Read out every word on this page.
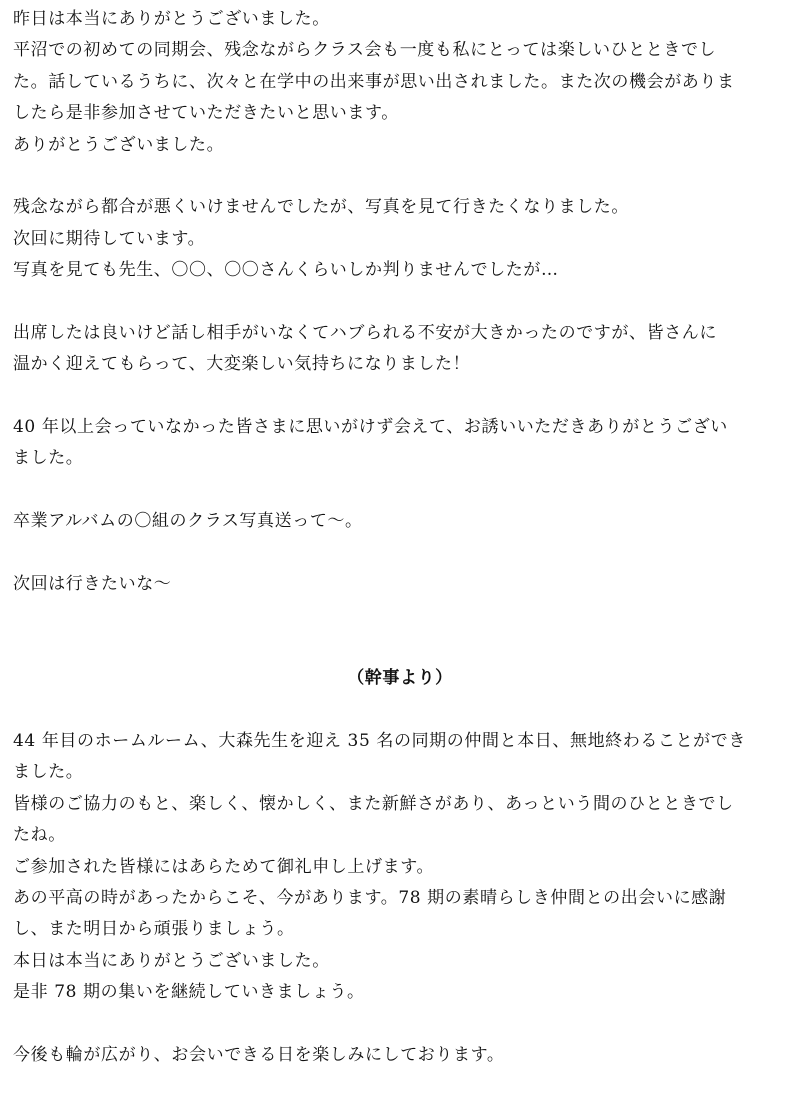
昨日は本当にありがとうございました。
平沼での初めての同期会、残念ながらクラス会も一度も私にとっては楽しいひとときでし
た。話しているうちに、次々と在学中の出来事が思い出されました。また次の機会がありま
したら是非参加させていただきたいと思います。
ありがとうございました。
残念ながら都合が悪くいけませんでしたが、写真を見て行きたくなりました。
次回に期待しています。
写真を見ても先生、〇〇、〇〇さんくらいしか判りませんでしたが…
出席したは良いけど話し相手がいなくてハブられる不安が大きかったのですが、皆さんに
温かく迎えてもらって、大変楽しい気持ちになりました！
40 年以上会っていなかった皆さまに思いがけず会えて、お誘いいただきありがとうござい
ました。
卒業アルバムの〇組のクラス写真送って〜。
次回は行きたいな〜
（幹事より）
44 年目のホームルーム、大森先生を迎え 35 名の同期の仲間と本日、無地終わることができ
ました。
皆様のご協力のもと、楽しく、懐かしく、また新鮮さがあり、あっという間のひとときでし
たね。
ご参加された皆様にはあらためて御礼申し上げます。
あの平高の時があったからこそ、今があります。78 期の素晴らしき仲間との出会いに感謝
し、また明日から頑張りましょう。
本日は本当にありがとうございました。
是非 78 期の集いを継続していきましょう。
今後も輪が広がり、お会いできる日を楽しみにしております。
